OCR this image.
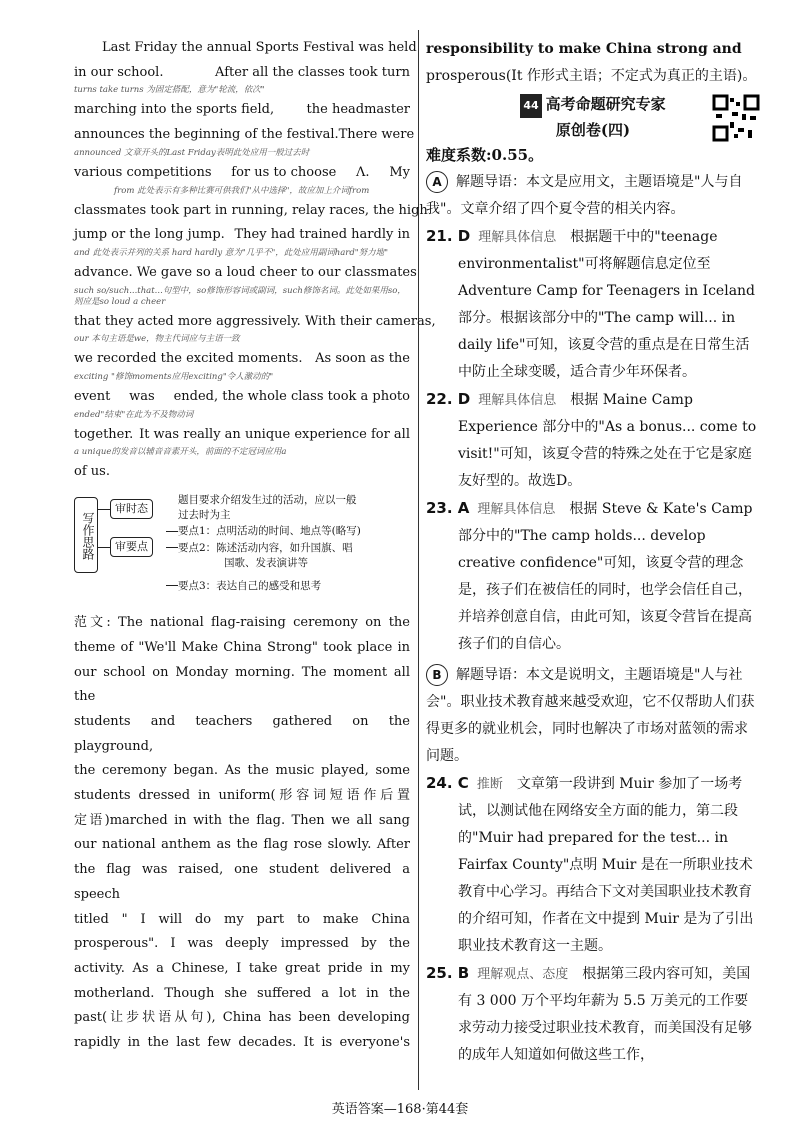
Last Friday the annual Sports Festival was held

in our school.	After all the classes took turn

turns take turns 为固定搭配，意为"轮流，依次"

marching into the sports field, the headmaster

announces the beginning of the festival. There were

announced 文章开头的Last Friday表明此处应用一般过去时

various competitions for us to choose Λ. My

from 此处表示有多种比赛可供我们"从中选择"，故应加上介词from

classmates took part in running, relay races, the high

jump or the long jump. They had trained hardly in

and 此处表示并列的关系 hard hardly 意为"几乎不"，此处应用副词hard"努力地"

advance. We gave so a loud cheer to our classmates

such so/such...that...句型中，so修饰形容词或副词，such修饰名词。此处如果用so，则应是so loud a cheer

that they acted more aggressively. With their cameras,

our 本句主语是we，物主代词应与主语一致

we recorded the excited moments. As soon as the

exciting "修饰moments应用exciting"令人激动的"

event was ended, the whole class took a photo

ended"结束"在此为不及物动词

together. It was really an unique experience for all

a unique的发音以辅音音素开头，前面的不定冠词应用a

of us.

写作思路
审时态
题目要求介绍发生过的活动，应以一般
过去时为主
审要点
要点1：点明活动的时间、地点等(略写)
要点2：陈述活动内容，如升国旗、唱
国歌、发表演讲等
要点3：表达自己的感受和思考

范文: The national flag-raising ceremony on the

theme of "We'll Make China Strong" took place in

our school on Monday morning. The moment all the

students and teachers gathered on the playground,

the ceremony began. As the music played, some

students dressed in uniform(形容词短语作后置

定语)marched in with the flag. Then we all sang

our national anthem as the flag rose slowly. After

the flag was raised, one student delivered a speech

titled " I will do my part to make China

prosperous". I was deeply impressed by the

activity. As a Chinese, I take great pride in my

motherland. Though she suffered a lot in the

past(让步状语从句), China has been developing

rapidly in the last few decades. It is everyone's

responsibility to make China strong and

prosperous(It 作形式主语；不定式为真正的主语)。

44 高考命题研究专家
原创卷(四)

难度系数:0.55。

A 解题导语：本文是应用文，主题语境是"人与自我"。文章介绍了四个夏令营的相关内容。
21. D 理解具体信息 根据题干中的"teenage environmentalist"可将解题信息定位至 Adventure Camp for Teenagers in Iceland 部分。根据该部分中的"The camp will... in daily life"可知，该夏令营的重点是在日常生活中防止全球变暖，适合青少年环保者。
22. D 理解具体信息 根据 Maine Camp Experience 部分中的"As a bonus... come to visit!"可知，该夏令营的特殊之处在于它是家庭友好型的。故选D。
23. A 理解具体信息 根据 Steve & Kate's Camp 部分中的"The camp holds... develop creative confidence"可知，该夏令营的理念是，孩子们在被信任的同时，也学会信任自己，并培养创意自信，由此可知，该夏令营旨在提高孩子们的自信心。
B 解题导语：本文是说明文，主题语境是"人与社会"。职业技术教育越来越受欢迎，它不仅帮助人们获得更多的就业机会，同时也解决了市场对蓝领的需求问题。
24. C 推断 文章第一段讲到 Muir 参加了一场考试，以测试他在网络安全方面的能力，第二段的"Muir had prepared for the test... in Fairfax County"点明 Muir 是在一所职业技术教育中心学习。再结合下文对美国职业技术教育的介绍可知，作者在文中提到 Muir 是为了引出职业技术教育这一主题。
25. B 理解观点、态度 根据第三段内容可知，美国有 3 000 万个平均年薪为 5.5 万美元的工作要求劳动力接受过职业技术教育，而美国没有足够的成年人知道如何做这些工作，
英语答案—168·第44套
